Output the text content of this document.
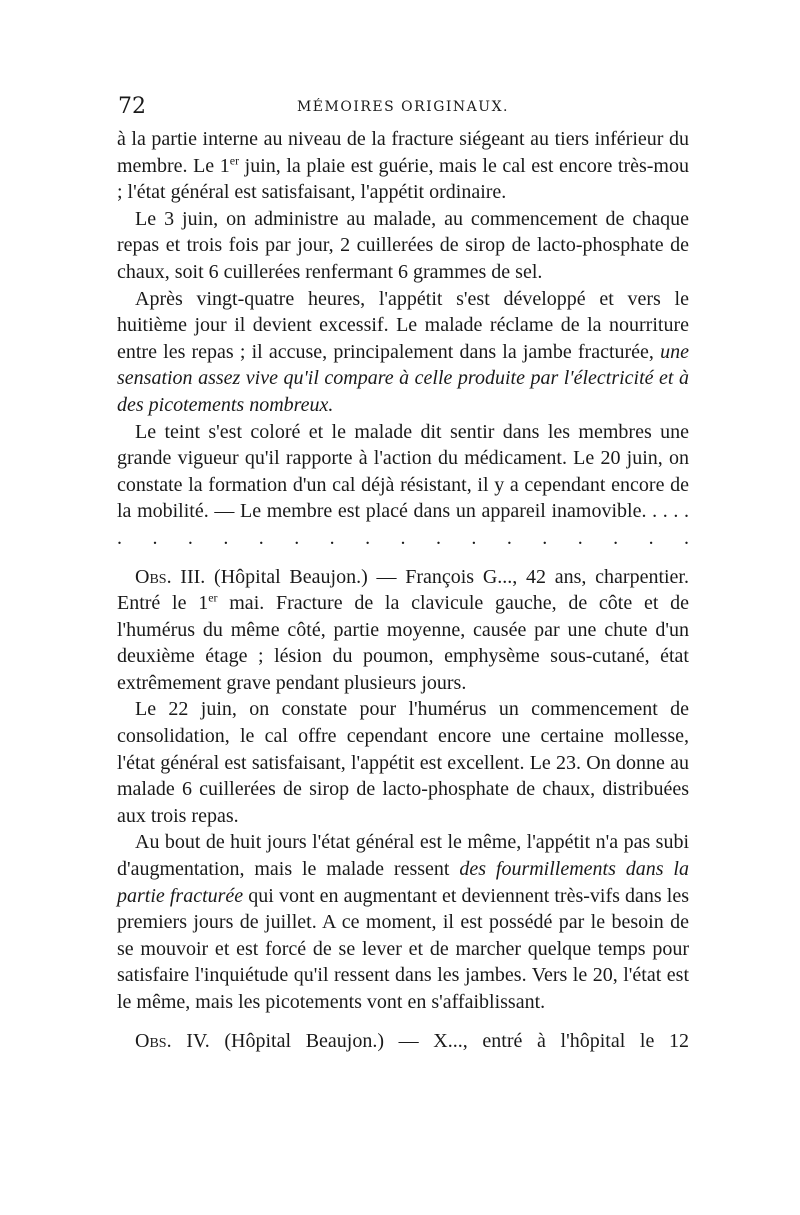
72	MÉMOIRES ORIGINAUX.

à la partie interne au niveau de la fracture siégeant au tiers inférieur du membre. Le 1er juin, la plaie est guérie, mais le cal est encore très-mou ; l'état général est satisfaisant, l'appétit ordinaire.

Le 3 juin, on administre au malade, au commencement de chaque repas et trois fois par jour, 2 cuillerées de sirop de lacto-phosphate de chaux, soit 6 cuillerées renfermant 6 grammes de sel.

Après vingt-quatre heures, l'appétit s'est développé et vers le huitième jour il devient excessif. Le malade réclame de la nourriture entre les repas ; il accuse, principalement dans la jambe fracturée, une sensation assez vive qu'il compare à celle produite par l'électricité et à des picotements nombreux.

Le teint s'est coloré et le malade dit sentir dans les membres une grande vigueur qu'il rapporte à l'action du médicament. Le 20 juin, on constate la formation d'un cal déjà résistant, il y a cependant encore de la mobilité. — Le membre est placé dans un appareil inamovible. . . . . . . . . . . . . . . . . . . . . .

Obs. III. (Hôpital Beaujon.) — François G..., 42 ans, charpentier. Entré le 1er mai. Fracture de la clavicule gauche, de côte et de l'humérus du même côté, partie moyenne, causée par une chute d'un deuxième étage ; lésion du poumon, emphysème sous-cutané, état extrêmement grave pendant plusieurs jours.

Le 22 juin, on constate pour l'humérus un commencement de consolidation, le cal offre cependant encore une certaine mollesse, l'état général est satisfaisant, l'appétit est excellent. Le 23. On donne au malade 6 cuillerées de sirop de lacto-phosphate de chaux, distribuées aux trois repas.

Au bout de huit jours l'état général est le même, l'appétit n'a pas subi d'augmentation, mais le malade ressent des fourmillements dans la partie fracturée qui vont en augmentant et deviennent très-vifs dans les premiers jours de juillet. A ce moment, il est possédé par le besoin de se mouvoir et est forcé de se lever et de marcher quelque temps pour satisfaire l'inquiétude qu'il ressent dans les jambes. Vers le 20, l'état est le même, mais les picotements vont en s'affaiblissant.

Obs. IV. (Hôpital Beaujon.) — X..., entré à l'hôpital le 12
